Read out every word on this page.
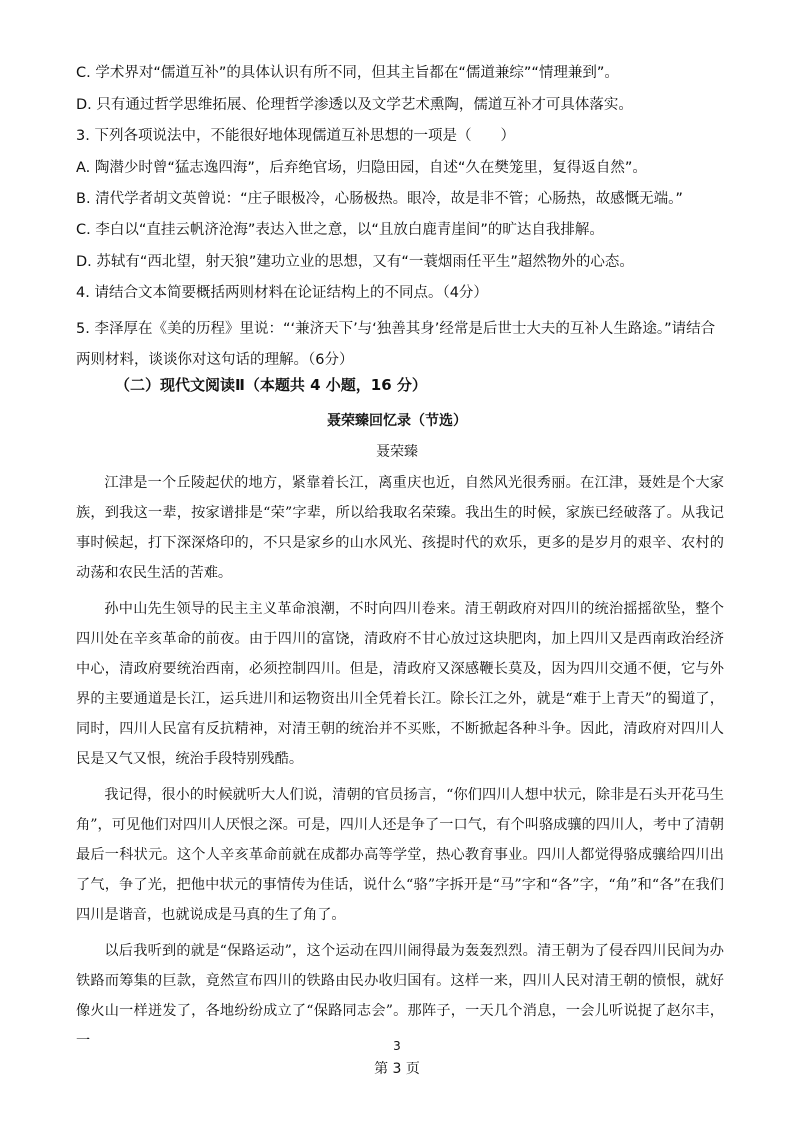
C. 学术界对“儒道互补”的具体认识有所不同，但其主旨都在“儒道兼综”“情理兼到”。
D. 只有通过哲学思维拓展、伦理哲学渗透以及文学艺术熏陶，儒道互补才可具体落实。
3. 下列各项说法中，不能很好地体现儒道互补思想的一项是（　　）
A. 陶潜少时曾“猛志逸四海”，后弃绝官场，归隐田园，自述“久在樊笼里，复得返自然”。
B. 清代学者胡文英曾说：“庄子眼极冷，心肠极热。眼冷，故是非不管；心肠热，故感慨无端。”
C. 李白以“直挂云帆济沧海”表达入世之意，以“且放白鹿青崖间”的旷达自我排解。
D. 苏轼有“西北望，射天狼”建功立业的思想，又有“一蓑烟雨任平生”超然物外的心态。
4. 请结合文本简要概括两则材料在论证结构上的不同点。（4分）
5. 李泽厚在《美的历程》里说：“‘兼济天下’与‘独善其身’经常是后世士大夫的互补人生路途。”请结合两则材料，谈谈你对这句话的理解。（6分）
（二）现代文阅读Ⅱ（本题共 4 小题，16 分）
聂荣臻回忆录（节选）
聂荣臻

江津是一个丘陵起伏的地方，紧靠着长江，离重庆也近，自然风光很秀丽。在江津，聂姓是个大家族，到我这一辈，按家谱排是“荣”字辈，所以给我取名荣臻。我出生的时候，家族已经破落了。从我记事时候起，打下深深烙印的，不只是家乡的山水风光、孩提时代的欢乐，更多的是岁月的艰辛、农村的动荡和农民生活的苦难。

孙中山先生领导的民主主义革命浪潮，不时向四川卷来。清王朝政府对四川的统治摇摇欲坠，整个四川处在辛亥革命的前夜。由于四川的富饶，清政府不甘心放过这块肥肉，加上四川又是西南政治经济中心，清政府要统治西南，必须控制四川。但是，清政府又深感鞭长莫及，因为四川交通不便，它与外界的主要通道是长江，运兵进川和运物资出川全凭着长江。除长江之外，就是“难于上青天”的蜀道了，同时，四川人民富有反抗精神，对清王朝的统治并不买账，不断掀起各种斗争。因此，清政府对四川人民是又气又恨，统治手段特别残酷。

我记得，很小的时候就听大人们说，清朝的官员扬言，“你们四川人想中状元，除非是石头开花马生角”，可见他们对四川人厌恨之深。可是，四川人还是争了一口气，有个叫骆成骧的四川人，考中了清朝最后一科状元。这个人辛亥革命前就在成都办高等学堂，热心教育事业。四川人都觉得骆成骧给四川出了气，争了光，把他中状元的事情传为佳话，说什么“骆”字拆开是“马”字和“各”字，“角”和“各”在我们四川是谐音，也就说成是马真的生了角了。

以后我听到的就是“保路运动”，这个运动在四川闹得最为轰轰烈烈。清王朝为了侵吞四川民间为办铁路而筹集的巨款，竟然宣布四川的铁路由民办收归国有。这样一来，四川人民对清王朝的愤恨，就好像火山一样迸发了，各地纷纷成立了“保路同志会”。那阵子，一天几个消息，一会儿听说捉了赵尔丰，一	3
第 3 页
